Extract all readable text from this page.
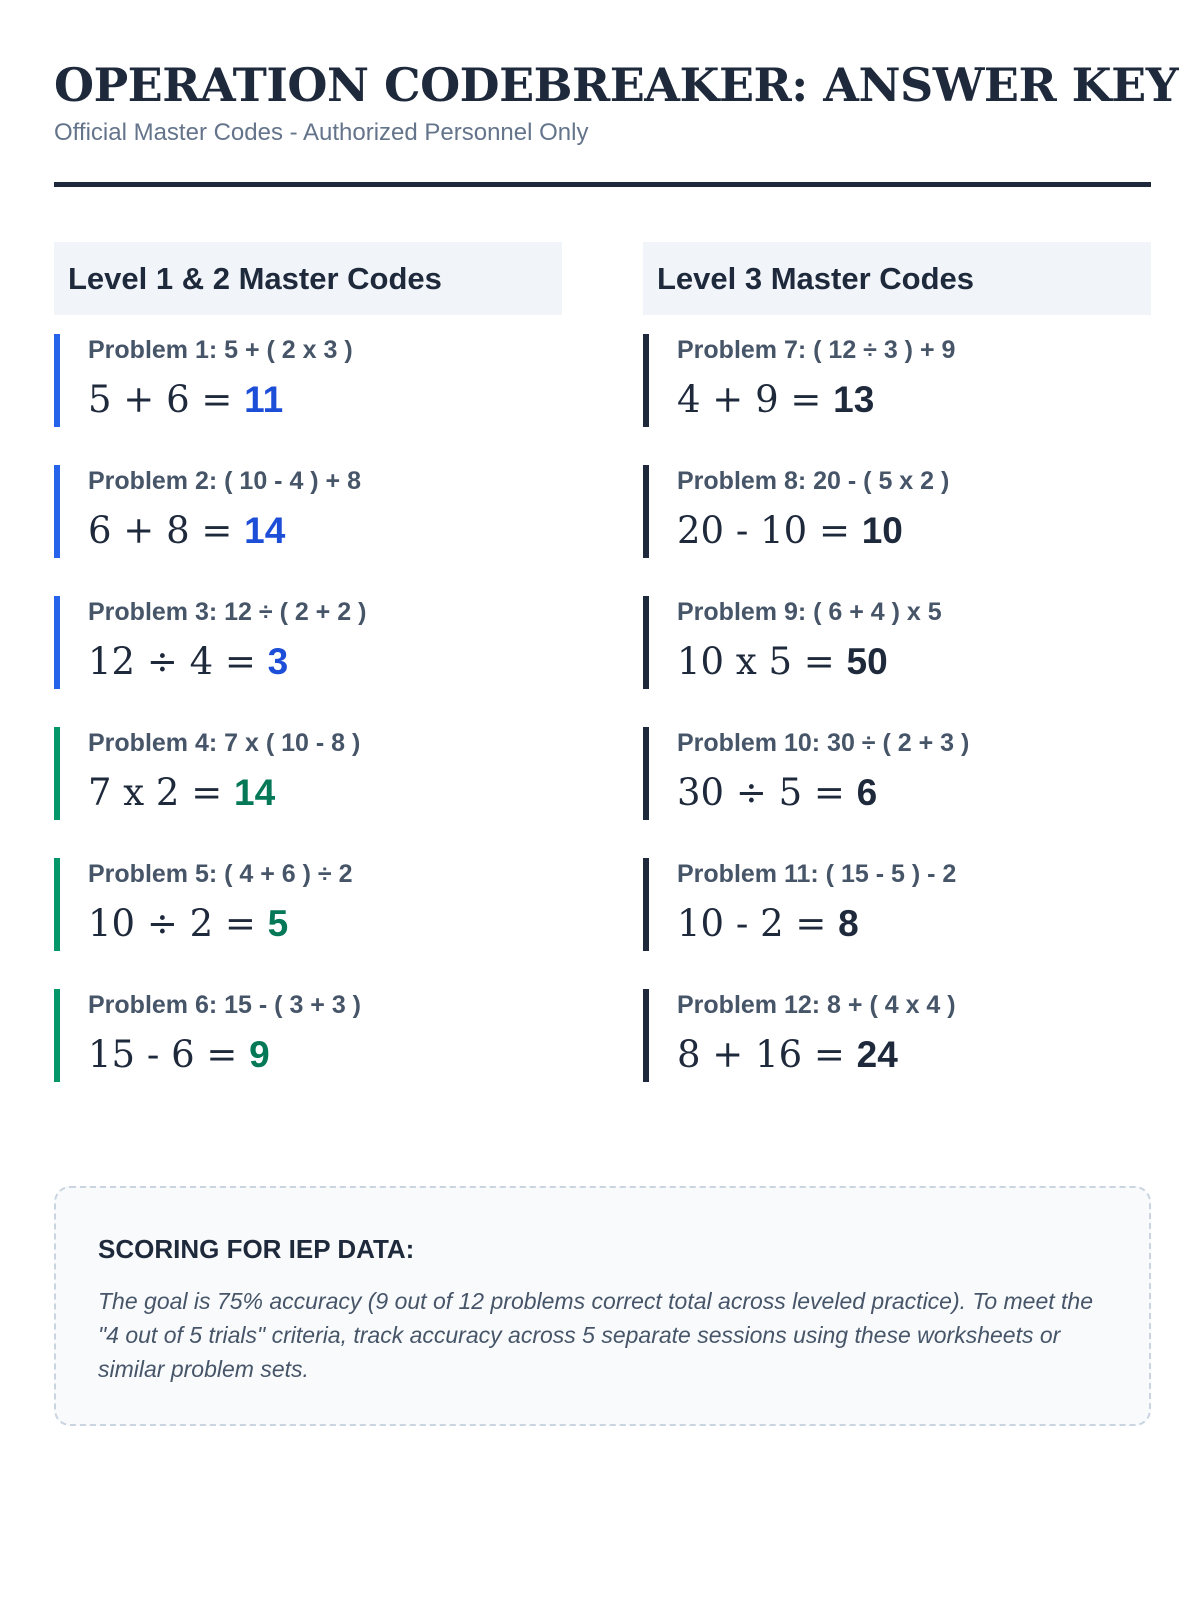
OPERATION CODEBREAKER: ANSWER KEY
Official Master Codes - Authorized Personnel Only
Level 1 & 2 Master Codes
Problem 1: 5 + ( 2 x 3 )
5 + 6 = 11
Problem 2: ( 10 - 4 ) + 8
6 + 8 = 14
Problem 3: 12 ÷ ( 2 + 2 )
12 ÷ 4 = 3
Problem 4: 7 x ( 10 - 8 )
7 x 2 = 14
Problem 5: ( 4 + 6 ) ÷ 2
10 ÷ 2 = 5
Problem 6: 15 - ( 3 + 3 )
15 - 6 = 9
Level 3 Master Codes
Problem 7: ( 12 ÷ 3 ) + 9
4 + 9 = 13
Problem 8: 20 - ( 5 x 2 )
20 - 10 = 10
Problem 9: ( 6 + 4 ) x 5
10 x 5 = 50
Problem 10: 30 ÷ ( 2 + 3 )
30 ÷ 5 = 6
Problem 11: ( 15 - 5 ) - 2
10 - 2 = 8
Problem 12: 8 + ( 4 x 4 )
8 + 16 = 24
SCORING FOR IEP DATA:
The goal is 75% accuracy (9 out of 12 problems correct total across leveled practice). To meet the "4 out of 5 trials" criteria, track accuracy across 5 separate sessions using these worksheets or similar problem sets.
